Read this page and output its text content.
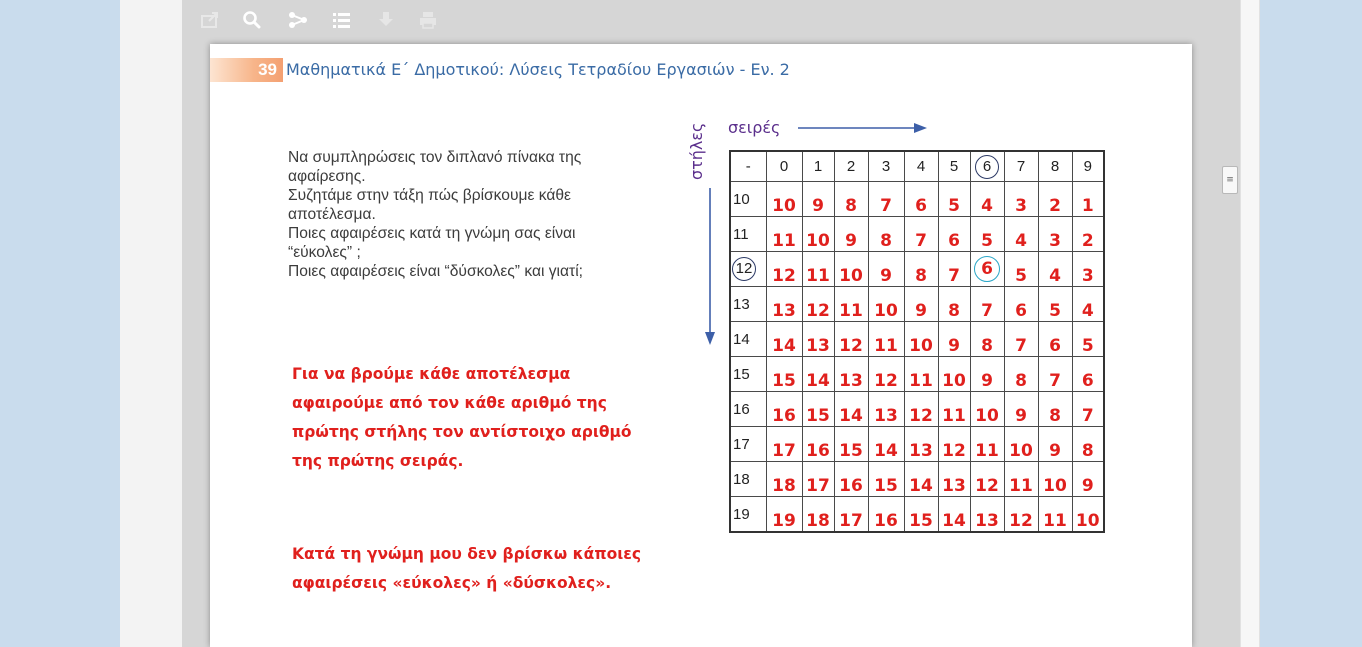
≡
39 Μαθηματικά Ε΄ Δημοτικού: Λύσεις Τετραδίου Εργασιών - Εν. 2
Να συμπληρώσεις τον διπλανό πίνακα της
αφαίρεσης.
Συζητάμε στην τάξη πώς βρίσκουμε κάθε
αποτέλεσμα.
Ποιες αφαιρέσεις κατά τη γνώμη σας είναι
“εύκολες” ;
Ποιες αφαιρέσεις είναι “δύσκολες” και γιατί;
Για να βρούμε κάθε αποτέλεσμα
αφαιρούμε από τον κάθε αριθμό της
πρώτης στήλης τον αντίστοιχο αριθμό
της πρώτης σειράς.
Κατά τη γνώμη μου δεν βρίσκω κάποιες
αφαιρέσεις «εύκολες» ή «δύσκολες».
σειρές
στήλες	-	0	1	2	3	4	5	6	7	8	9
10	10	9	8	7	6	5	4	3	2	1
11	11	10	9	8	7	6	5	4	3	2
12	12	11	10	9	8	7	6	5	4	3
13	13	12	11	10	9	8	7	6	5	4
14	14	13	12	11	10	9	8	7	6	5
15	15	14	13	12	11	10	9	8	7	6
16	16	15	14	13	12	11	10	9	8	7
17	17	16	15	14	13	12	11	10	9	8
18	18	17	16	15	14	13	12	11	10	9
19	19	18	17	16	15	14	13	12	11	10
